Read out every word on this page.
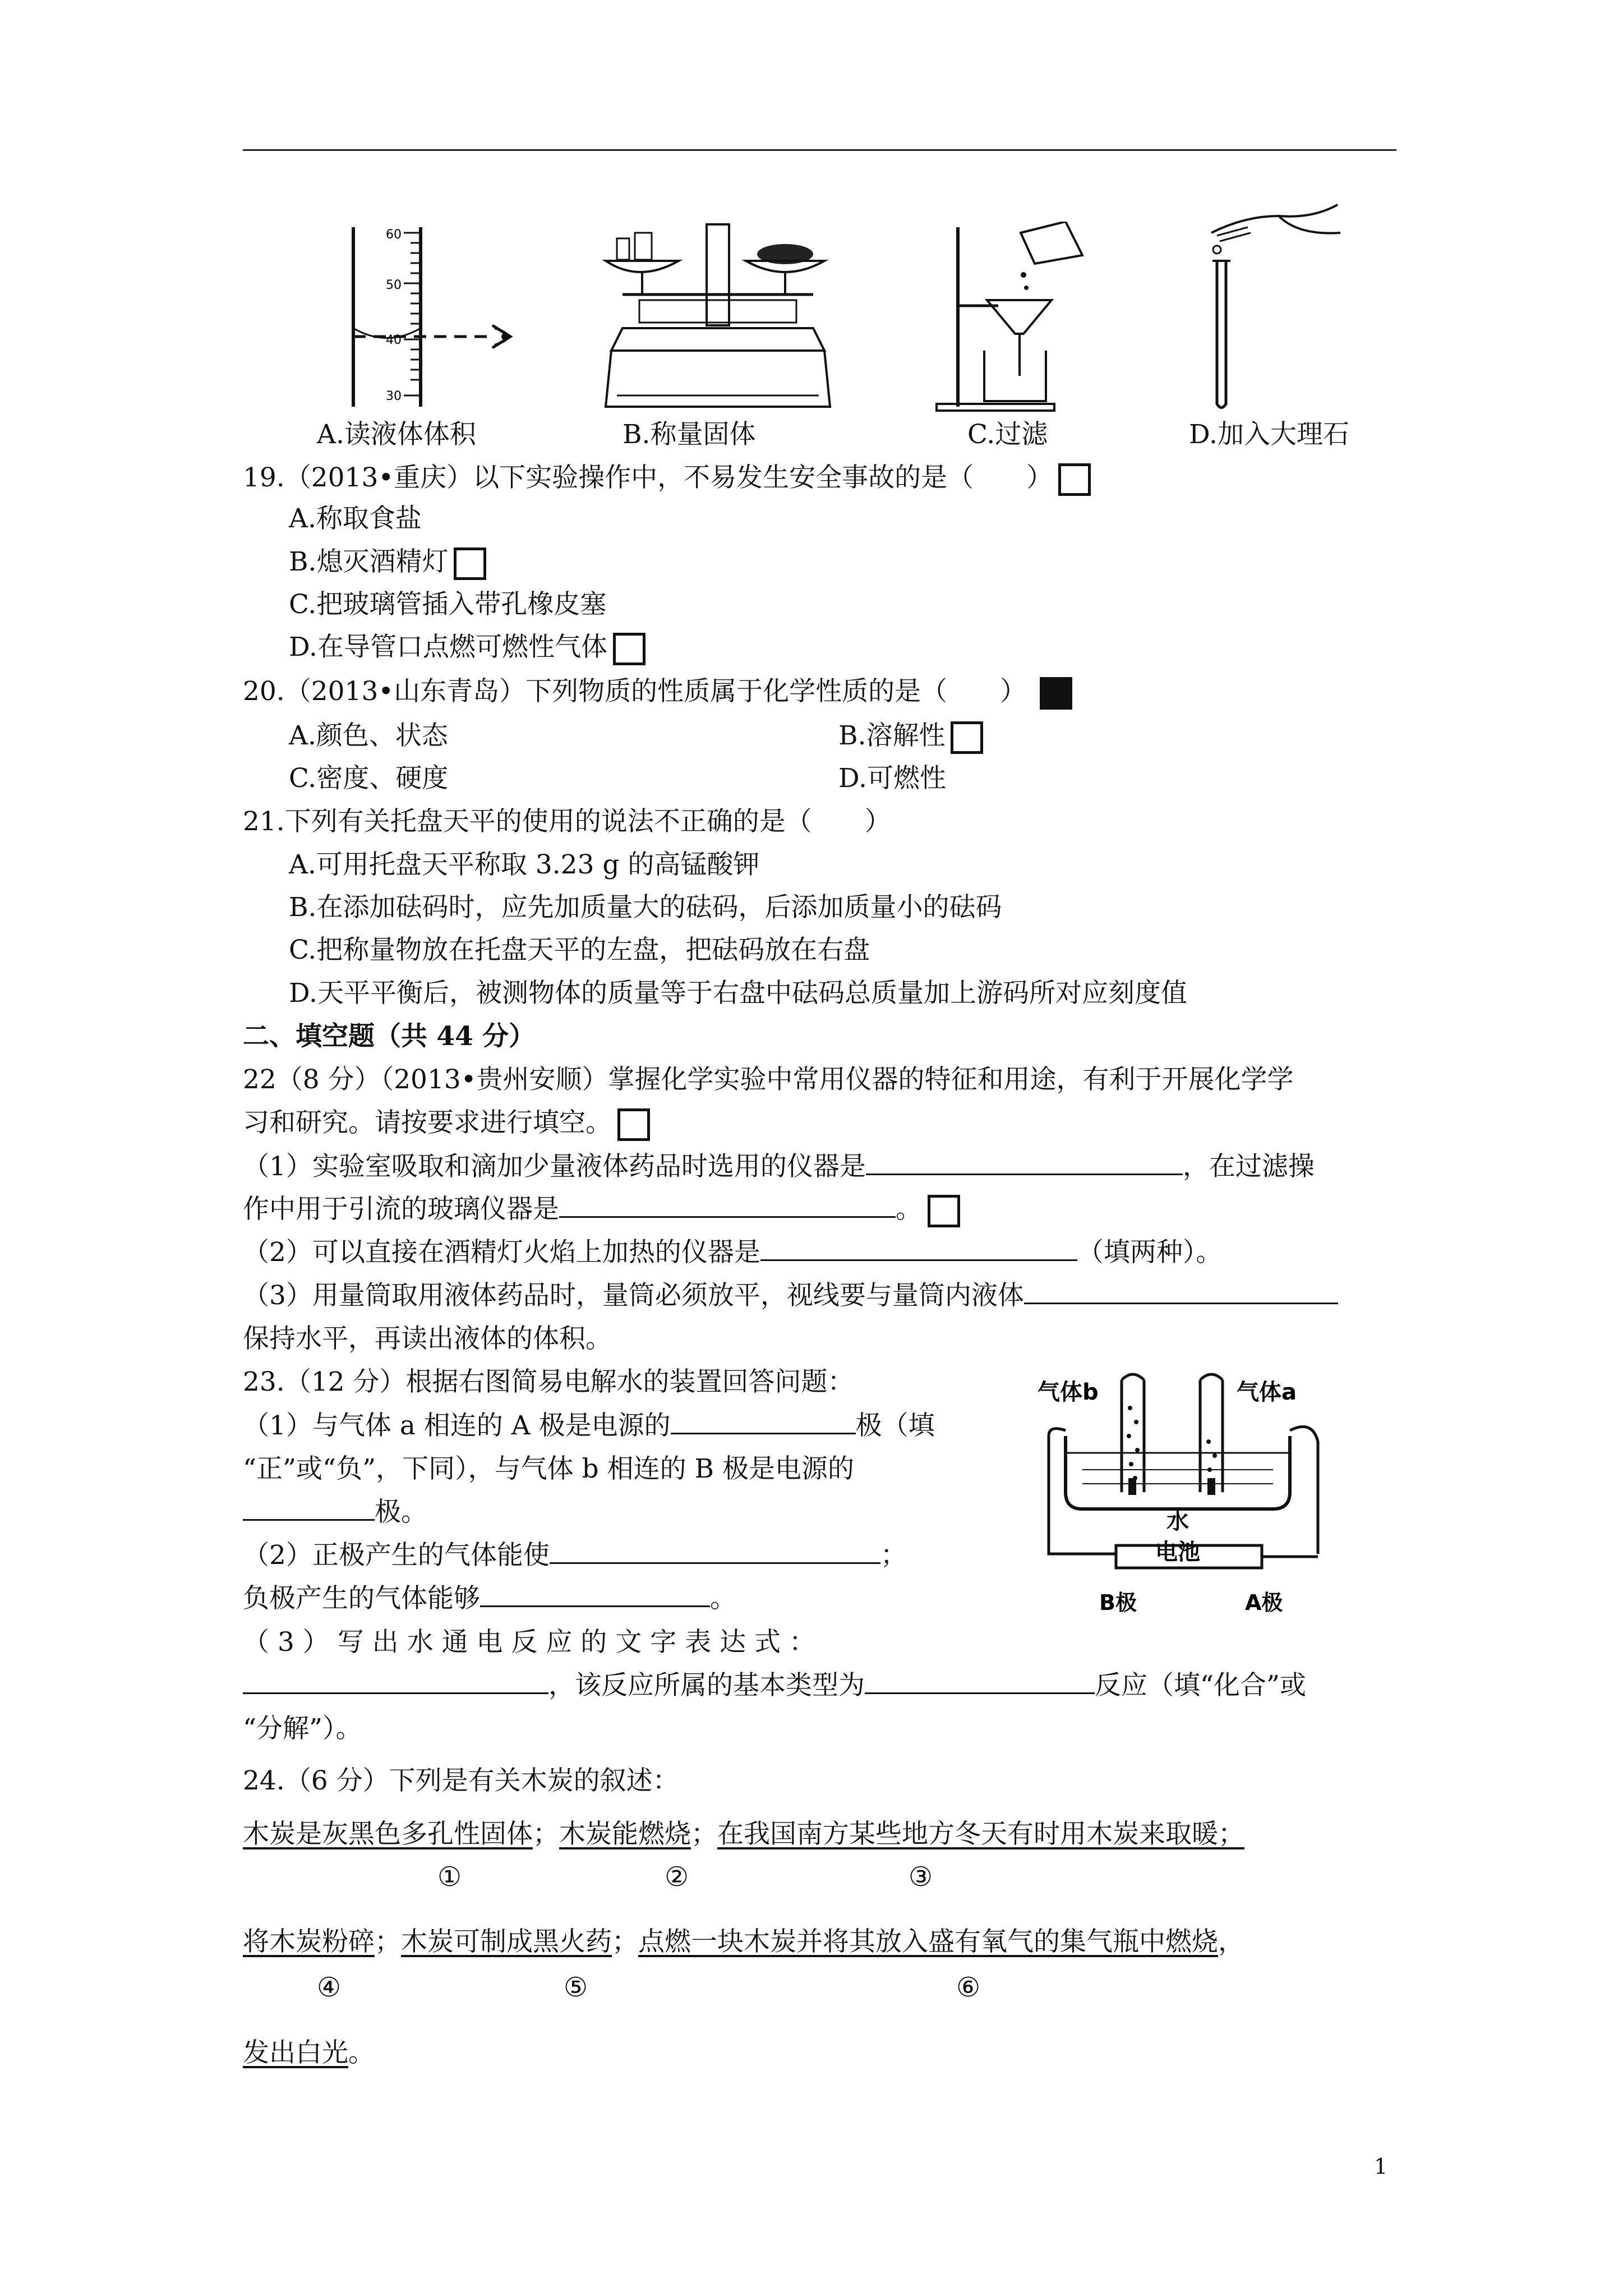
60
50
40
30
A.读液体体积	B.称量固体	C.过滤	D.加入大理石
19.（2013•重庆）以下实验操作中，不易发生安全事故的是（　　）
A.称取食盐
B.熄灭酒精灯
C.把玻璃管插入带孔橡皮塞
D.在导管口点燃可燃性气体
20.（2013•山东青岛）下列物质的性质属于化学性质的是（　　）
A.颜色、状态	B.溶解性
C.密度、硬度	D.可燃性
21.下列有关托盘天平的使用的说法不正确的是（　　）
A.可用托盘天平称取 3.23 g 的高锰酸钾
B.在添加砝码时，应先加质量大的砝码，后添加质量小的砝码
C.把称量物放在托盘天平的左盘，把砝码放在右盘
D.天平平衡后，被测物体的质量等于右盘中砝码总质量加上游码所对应刻度值
二、填空题（共 44 分）
22（8 分）（2013•贵州安顺）掌握化学实验中常用仪器的特征和用途，有利于开展化学学
习和研究。请按要求进行填空。
（1）实验室吸取和滴加少量液体药品时选用的仪器是	，在过滤操
作中用于引流的玻璃仪器是	。
（2）可以直接在酒精灯火焰上加热的仪器是	（填两种）。
（3）用量筒取用液体药品时，量筒必须放平，视线要与量筒内液体
保持水平，再读出液体的体积。
23.（12 分）根据右图简易电解水的装置回答问题：
（1）与气体 a 相连的 A 极是电源的	极（填
“正”或“负”，下同），与气体 b 相连的 B 极是电源的
极。
（2）正极产生的气体能使	；
负极产生的气体能够	。
（ 3 ） 写 出 水 通 电 反 应 的 文 字 表 达 式 ：
，该反应所属的基本类型为	反应（填“化合”或
“分解”）。
气体b	气体a
水
电池
B极	A极
24.（6 分）下列是有关木炭的叙述：
木炭是灰黑色多孔性固体；木炭能燃烧；在我国南方某些地方冬天有时用木炭来取暖；
①	②	③
将木炭粉碎；木炭可制成黑火药；点燃一块木炭并将其放入盛有氧气的集气瓶中燃烧，
④	⑤	⑥
发出白光。
1
